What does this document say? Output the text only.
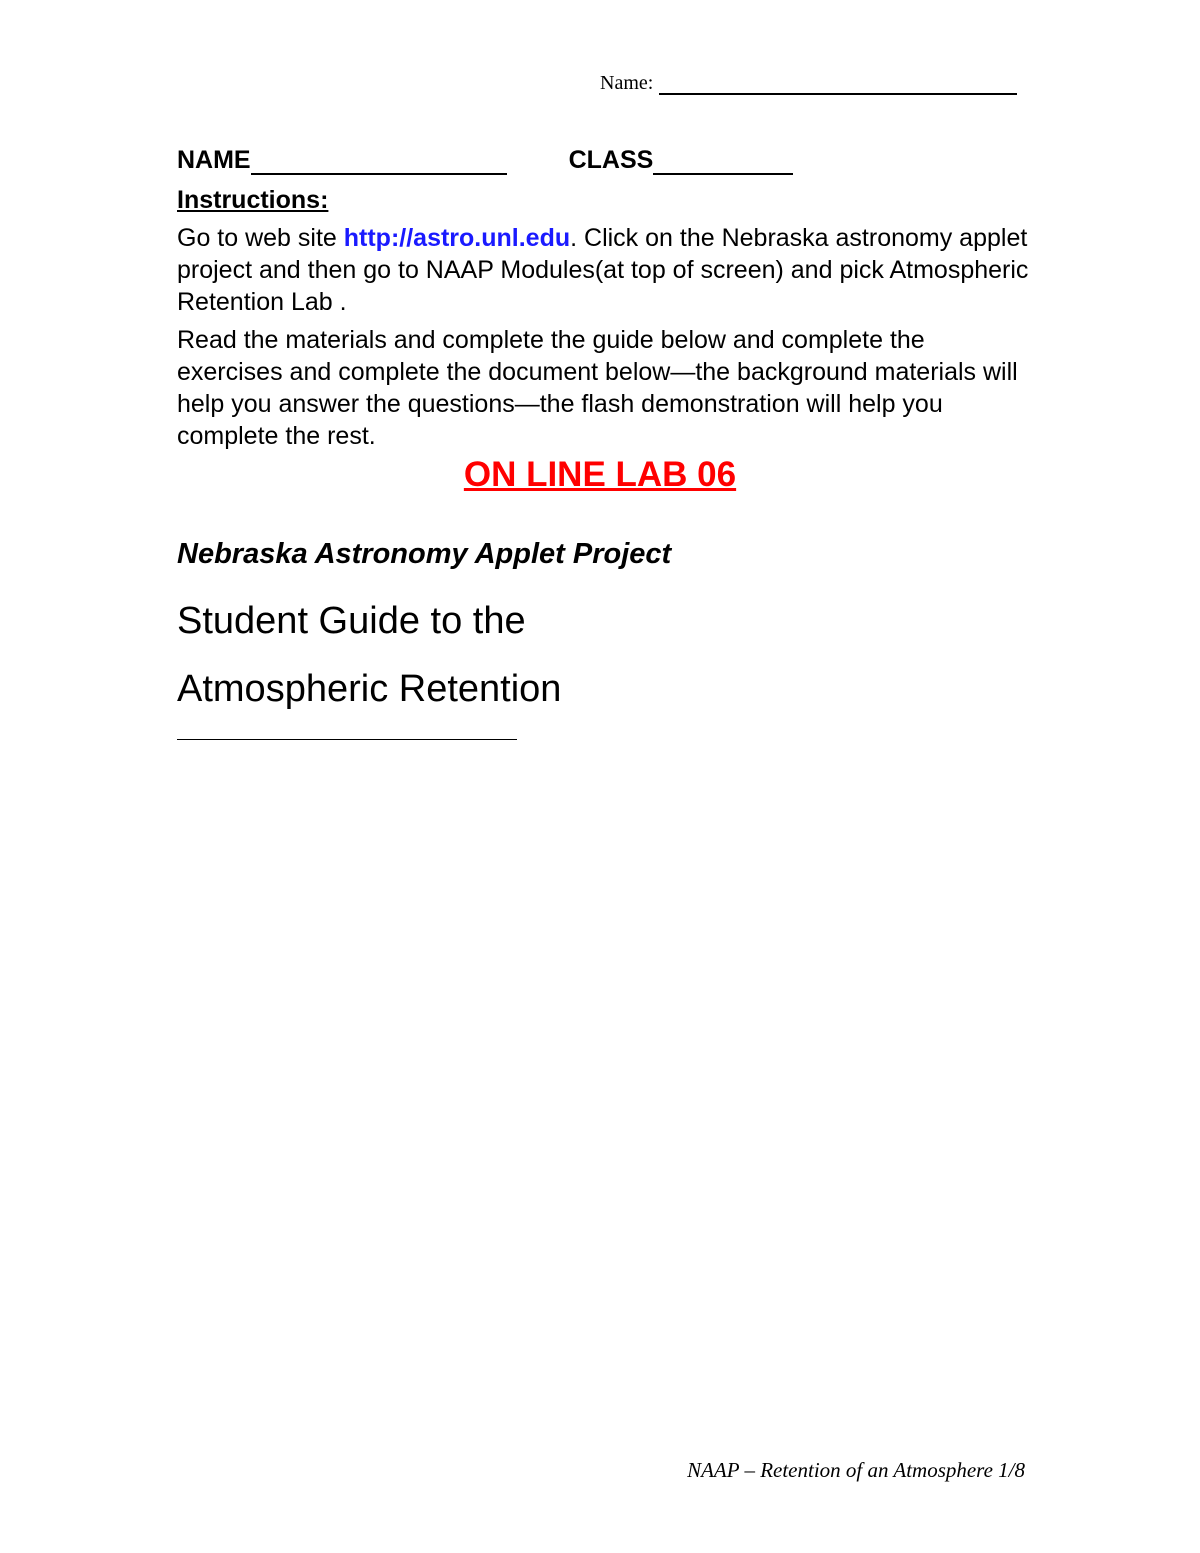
Name:
NAME	CLASS
Instructions:
Go to web site http://astro.unl.edu. Click on the Nebraska astronomy applet project and then go to NAAP Modules(at top of screen) and pick Atmospheric Retention Lab .
Read the materials and complete the guide below and complete the exercises and complete the document below—the background materials will help you answer the questions—the flash demonstration will help you complete the rest.
ON LINE LAB 06
Nebraska Astronomy Applet Project
Student Guide to the
Atmospheric Retention
NAAP – Retention of an Atmosphere 1/8
